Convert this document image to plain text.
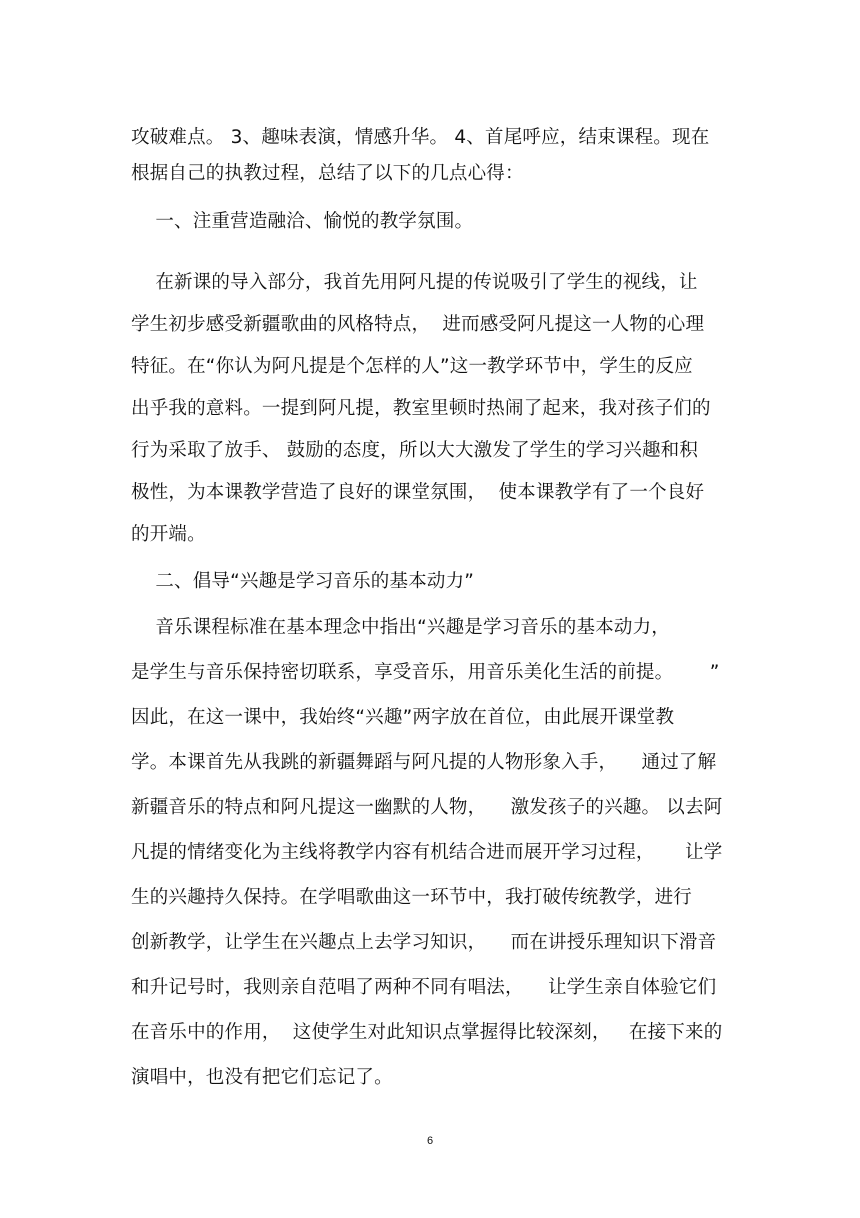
攻破难点。 3、趣味表演，情感升华。 4、首尾呼应，结束课程。现在
根据自己的执教过程，总结了以下的几点心得：
一、注重营造融洽、愉悦的教学氛围。
在新课的导入部分，我首先用阿凡提的传说吸引了学生的视线，让
学生初步感受新疆歌曲的风格特点，  进而感受阿凡提这一人物的心理
特征。在“你认为阿凡提是个怎样的人”这一教学环节中，学生的反应
出乎我的意料。一提到阿凡提，教室里顿时热闹了起来，我对孩子们的
行为采取了放手、 鼓励的态度，所以大大激发了学生的学习兴趣和积
极性，为本课教学营造了良好的课堂氛围，  使本课教学有了一个良好
的开端。
二、倡导“兴趣是学习音乐的基本动力”
音乐课程标准在基本理念中指出“兴趣是学习音乐的基本动力，
是学生与音乐保持密切联系，享受音乐，用音乐美化生活的前提。      ”
因此，在这一课中，我始终“兴趣”两字放在首位，由此展开课堂教
学。本课首先从我跳的新疆舞蹈与阿凡提的人物形象入手，    通过了解
新疆音乐的特点和阿凡提这一幽默的人物，    激发孩子的兴趣。 以去阿
凡提的情绪变化为主线将教学内容有机结合进而展开学习过程，     让学
生的兴趣持久保持。在学唱歌曲这一环节中，我打破传统教学，进行
创新教学，让学生在兴趣点上去学习知识，    而在讲授乐理知识下滑音
和升记号时，我则亲自范唱了两种不同有唱法，    让学生亲自体验它们
在音乐中的作用，  这使学生对此知识点掌握得比较深刻，   在接下来的
演唱中，也没有把它们忘记了。
6
